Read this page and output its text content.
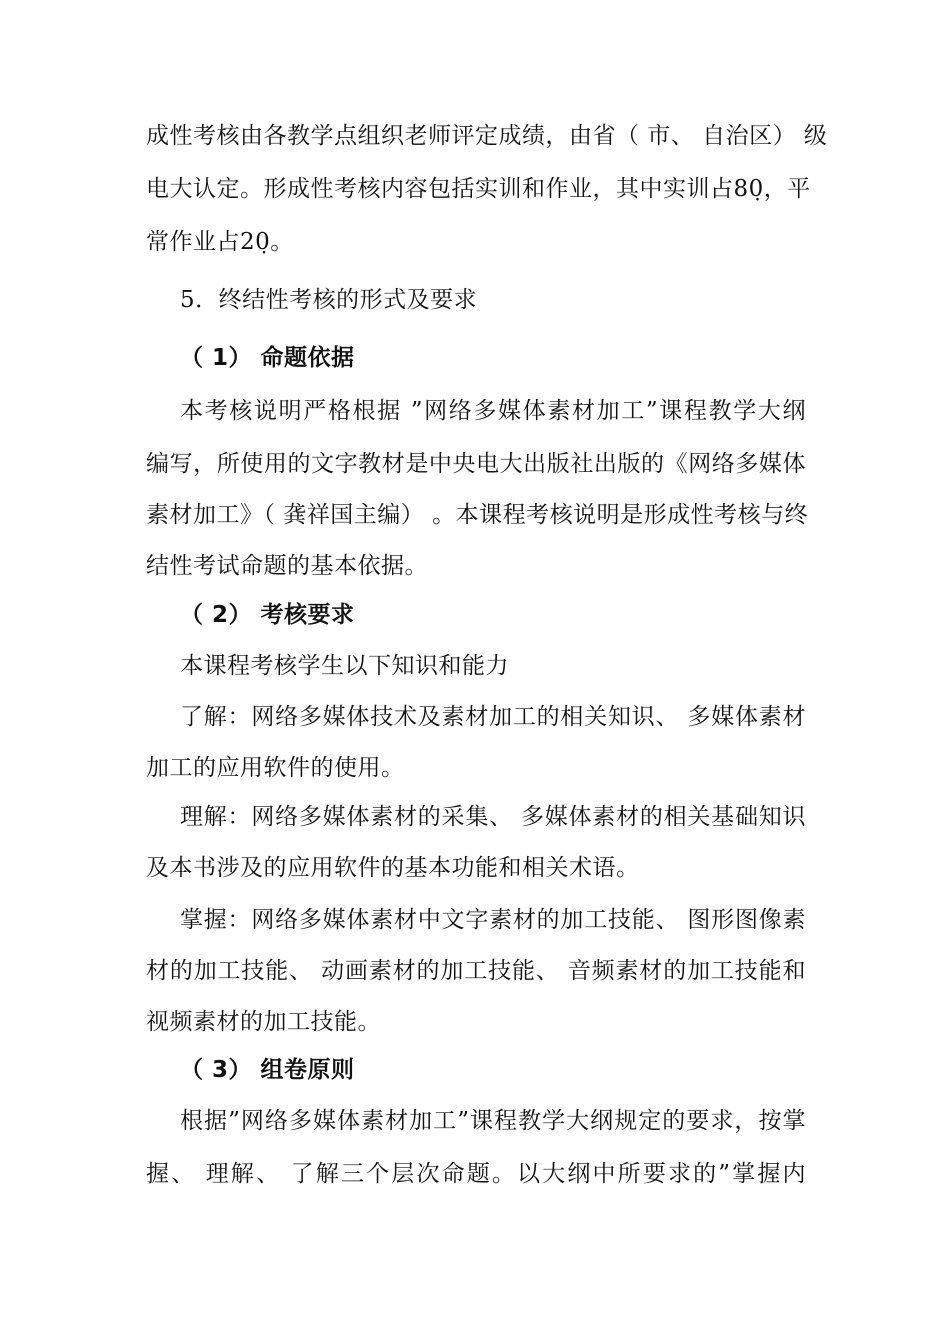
成性考核由各教学点组织老师评定成绩，由省（ 市、 自治区） 级
电大认定。形成性考核内容包括实训和作业，其中实训占80̣，平
常作业占20̣。
5．终结性考核的形式及要求
（ 1） 命题依据
本考核说明严格根据 ”网络多媒体素材加工”课程教学大纲
编写，所使用的文字教材是中央电大出版社出版的《网络多媒体
素材加工》（ 龚祥国主编） 。本课程考核说明是形成性考核与终
结性考试命题的基本依据。
（ 2） 考核要求
本课程考核学生以下知识和能力
了解：网络多媒体技术及素材加工的相关知识、 多媒体素材
加工的应用软件的使用。
理解：网络多媒体素材的采集、 多媒体素材的相关基础知识
及本书涉及的应用软件的基本功能和相关术语。
掌握：网络多媒体素材中文字素材的加工技能、 图形图像素
材的加工技能、 动画素材的加工技能、 音频素材的加工技能和
视频素材的加工技能。
（ 3） 组卷原则
根据”网络多媒体素材加工”课程教学大纲规定的要求，按掌
握、 理解、 了解三个层次命题。以大纲中所要求的”掌握内
